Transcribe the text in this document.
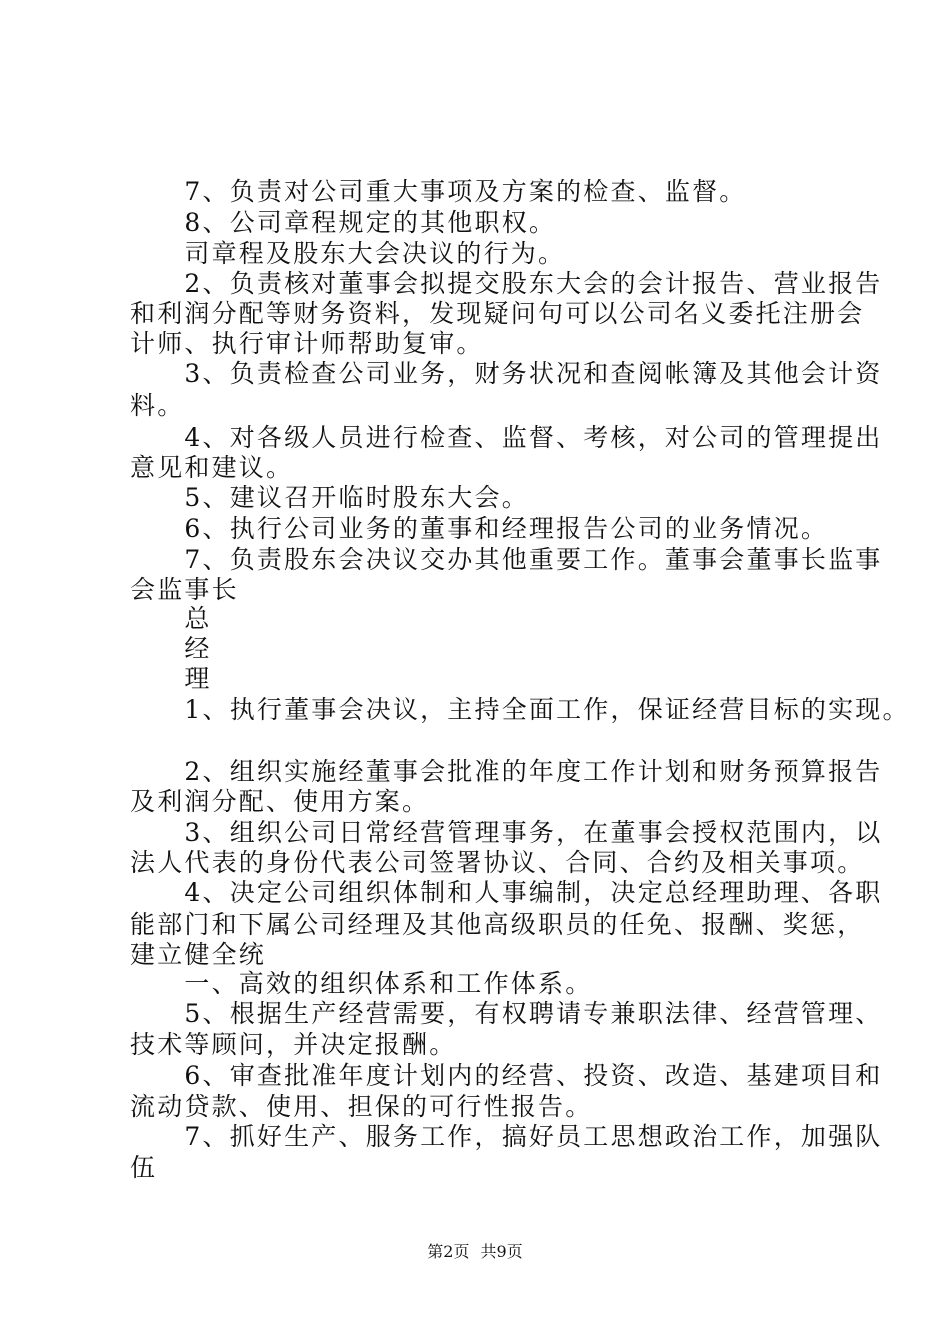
　　7、负责对公司重大事项及方案的检查、监督。
　　8、公司章程规定的其他职权。
　　司章程及股东大会决议的行为。
　　2、负责核对董事会拟提交股东大会的会计报告、营业报告
和利润分配等财务资料，发现疑问句可以公司名义委托注册会
计师、执行审计师帮助复审。
　　3、负责检查公司业务，财务状况和查阅帐簿及其他会计资
料。
　　4、对各级人员进行检查、监督、考核，对公司的管理提出
意见和建议。
　　5、建议召开临时股东大会。
　　6、执行公司业务的董事和经理报告公司的业务情况。
　　7、负责股东会决议交办其他重要工作。董事会董事长监事
会监事长
　　总
　　经
　　理
　　1、执行董事会决议，主持全面工作，保证经营目标的实现。
　　2、组织实施经董事会批准的年度工作计划和财务预算报告
及利润分配、使用方案。
　　3、组织公司日常经营管理事务，在董事会授权范围内，以
法人代表的身份代表公司签署协议、合同、合约及相关事项。
　　4、决定公司组织体制和人事编制，决定总经理助理、各职
能部门和下属公司经理及其他高级职员的任免、报酬、奖惩，
建立健全统
　　一、高效的组织体系和工作体系。
　　5、根据生产经营需要，有权聘请专兼职法律、经营管理、
技术等顾问，并决定报酬。
　　6、审查批准年度计划内的经营、投资、改造、基建项目和
流动贷款、使用、担保的可行性报告。
　　7、抓好生产、服务工作，搞好员工思想政治工作，加强队
伍
第2页 共9页
